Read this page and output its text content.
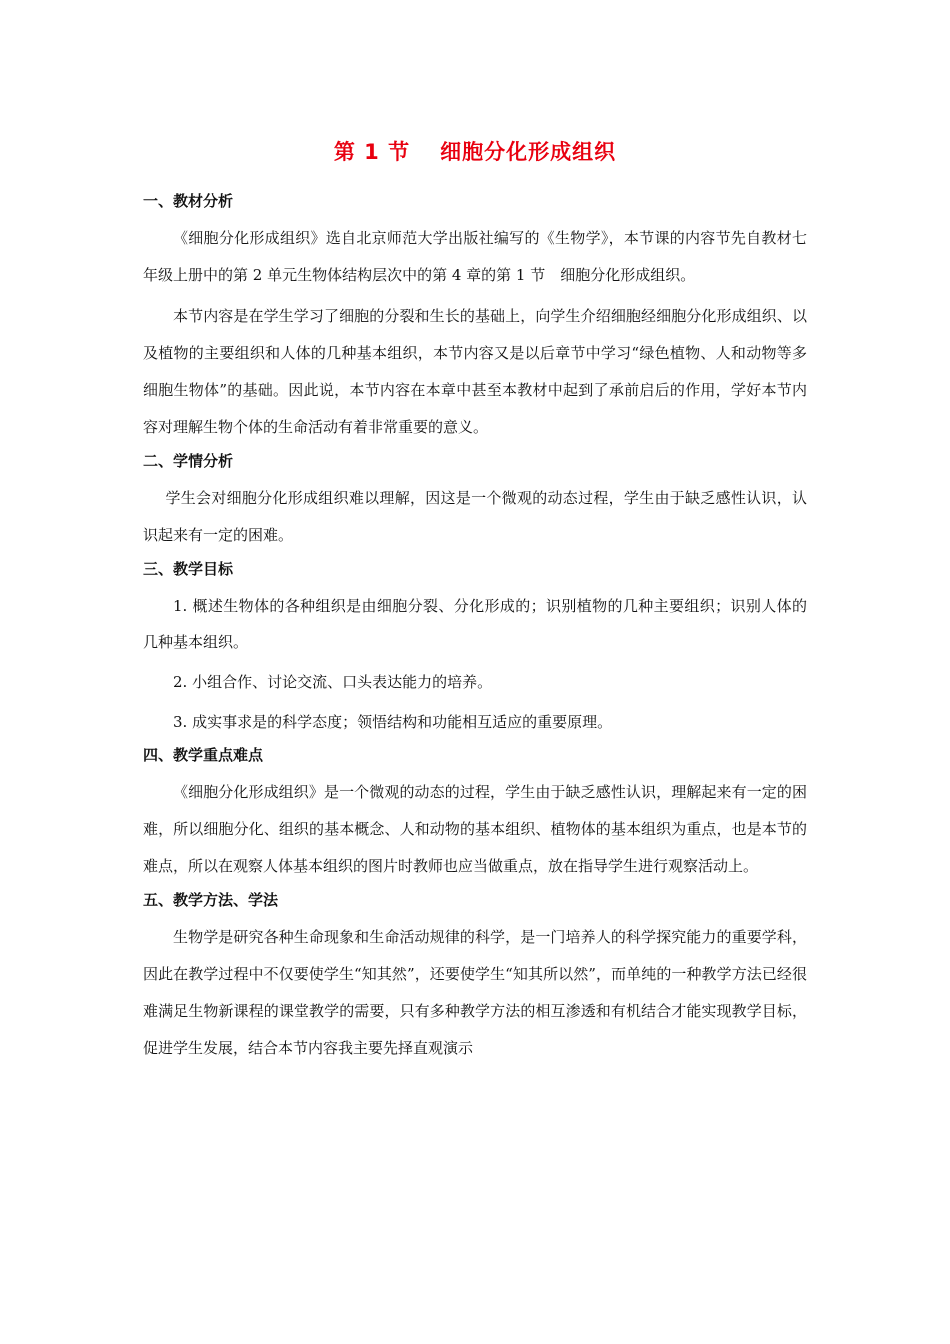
第 1 节 细胞分化形成组织
一、教材分析

《细胞分化形成组织》选自北京师范大学出版社编写的《生物学》，本节课的内容节先自教材七年级上册中的第 2 单元生物体结构层次中的第 4 章的第 1 节　细胞分化形成组织。

本节内容是在学生学习了细胞的分裂和生长的基础上，向学生介绍细胞经细胞分化形成组织、以及植物的主要组织和人体的几种基本组织，本节内容又是以后章节中学习“绿色植物、人和动物等多细胞生物体”的基础。因此说，本节内容在本章中甚至本教材中起到了承前启后的作用，学好本节内容对理解生物个体的生命活动有着非常重要的意义。

二、学情分析

学生会对细胞分化形成组织难以理解，因这是一个微观的动态过程，学生由于缺乏感性认识，认识起来有一定的困难。

三、教学目标

1. 概述生物体的各种组织是由细胞分裂、分化形成的；识别植物的几种主要组织；识别人体的几种基本组织。

2. 小组合作、讨论交流、口头表达能力的培养。

3. 成实事求是的科学态度；领悟结构和功能相互适应的重要原理。

四、教学重点难点

《细胞分化形成组织》是一个微观的动态的过程，学生由于缺乏感性认识，理解起来有一定的困难，所以细胞分化、组织的基本概念、人和动物的基本组织、植物体的基本组织为重点，也是本节的难点，所以在观察人体基本组织的图片时教师也应当做重点，放在指导学生进行观察活动上。

五、教学方法、学法

生物学是研究各种生命现象和生命活动规律的科学，是一门培养人的科学探究能力的重要学科，因此在教学过程中不仅要使学生“知其然”，还要使学生“知其所以然”，而单纯的一种教学方法已经很难满足生物新课程的课堂教学的需要，只有多种教学方法的相互渗透和有机结合才能实现教学目标，促进学生发展，结合本节内容我主要先择直观演示
